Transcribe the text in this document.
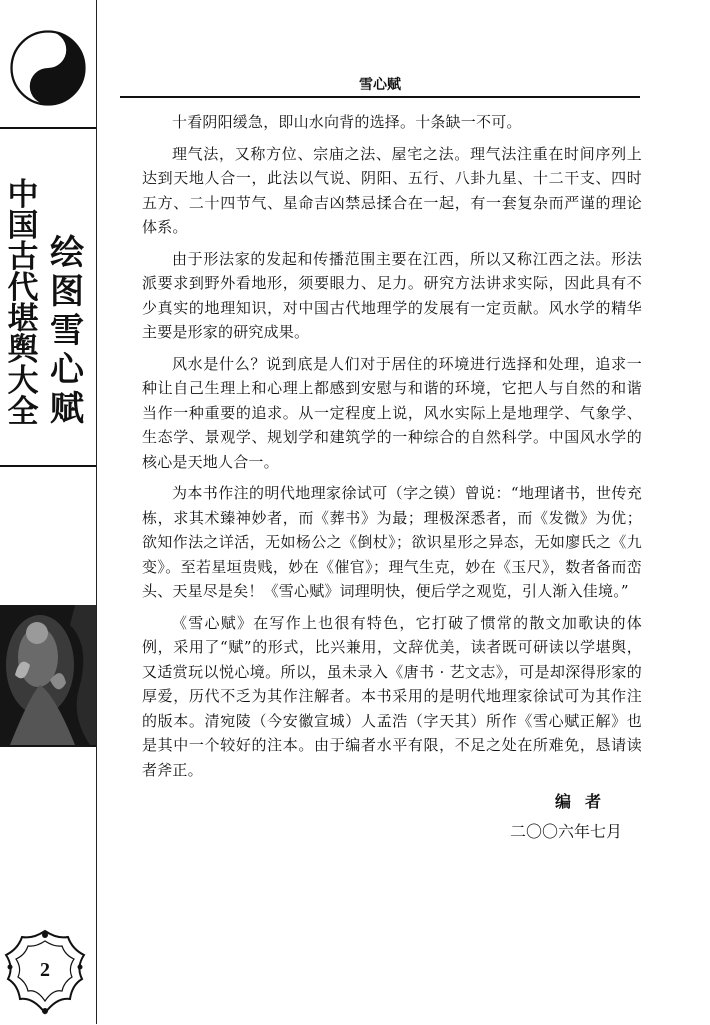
中国古代堪舆大全
绘图雪心赋
2
雪心赋

十看阴阳缓急，即山水向背的选择。十条缺一不可。

理气法，又称方位、宗庙之法、屋宅之法。理气法注重在时间序列上达到天地人合一，此法以气说、阴阳、五行、八卦九星、十二干支、四时五方、二十四节气、星命吉凶禁忌揉合在一起，有一套复杂而严谨的理论体系。

由于形法家的发起和传播范围主要在江西，所以又称江西之法。形法派要求到野外看地形，须要眼力、足力。研究方法讲求实际，因此具有不少真实的地理知识，对中国古代地理学的发展有一定贡献。风水学的精华主要是形家的研究成果。

风水是什么？说到底是人们对于居住的环境进行选择和处理，追求一种让自己生理上和心理上都感到安慰与和谐的环境，它把人与自然的和谐当作一种重要的追求。从一定程度上说，风水实际上是地理学、气象学、生态学、景观学、规划学和建筑学的一种综合的自然科学。中国风水学的核心是天地人合一。

为本书作注的明代地理家徐试可（字之镆）曾说：“地理诸书，世传充栋，求其术臻神妙者，而《葬书》为最；理极深悉者，而《发微》为优；欲知作法之详活，无如杨公之《倒杖》；欲识星形之异态，无如廖氏之《九变》。至若星垣贵贱，妙在《催官》；理气生克，妙在《玉尺》，数者备而峦头、天星尽是矣！《雪心赋》词理明快，便后学之观览，引人渐入佳境。”

《雪心赋》在写作上也很有特色，它打破了惯常的散文加歌诀的体例，采用了“赋”的形式，比兴兼用，文辞优美，读者既可研读以学堪舆，又适赏玩以悦心境。所以，虽未录入《唐书 · 艺文志》，可是却深得形家的厚爱，历代不乏为其作注解者。本书采用的是明代地理家徐试可为其作注的版本。清宛陵（今安徽宣城）人孟浩（字天其）所作《雪心赋正解》也是其中一个较好的注本。由于编者水平有限，不足之处在所难免，恳请读者斧正。

编者
二〇〇六年七月
